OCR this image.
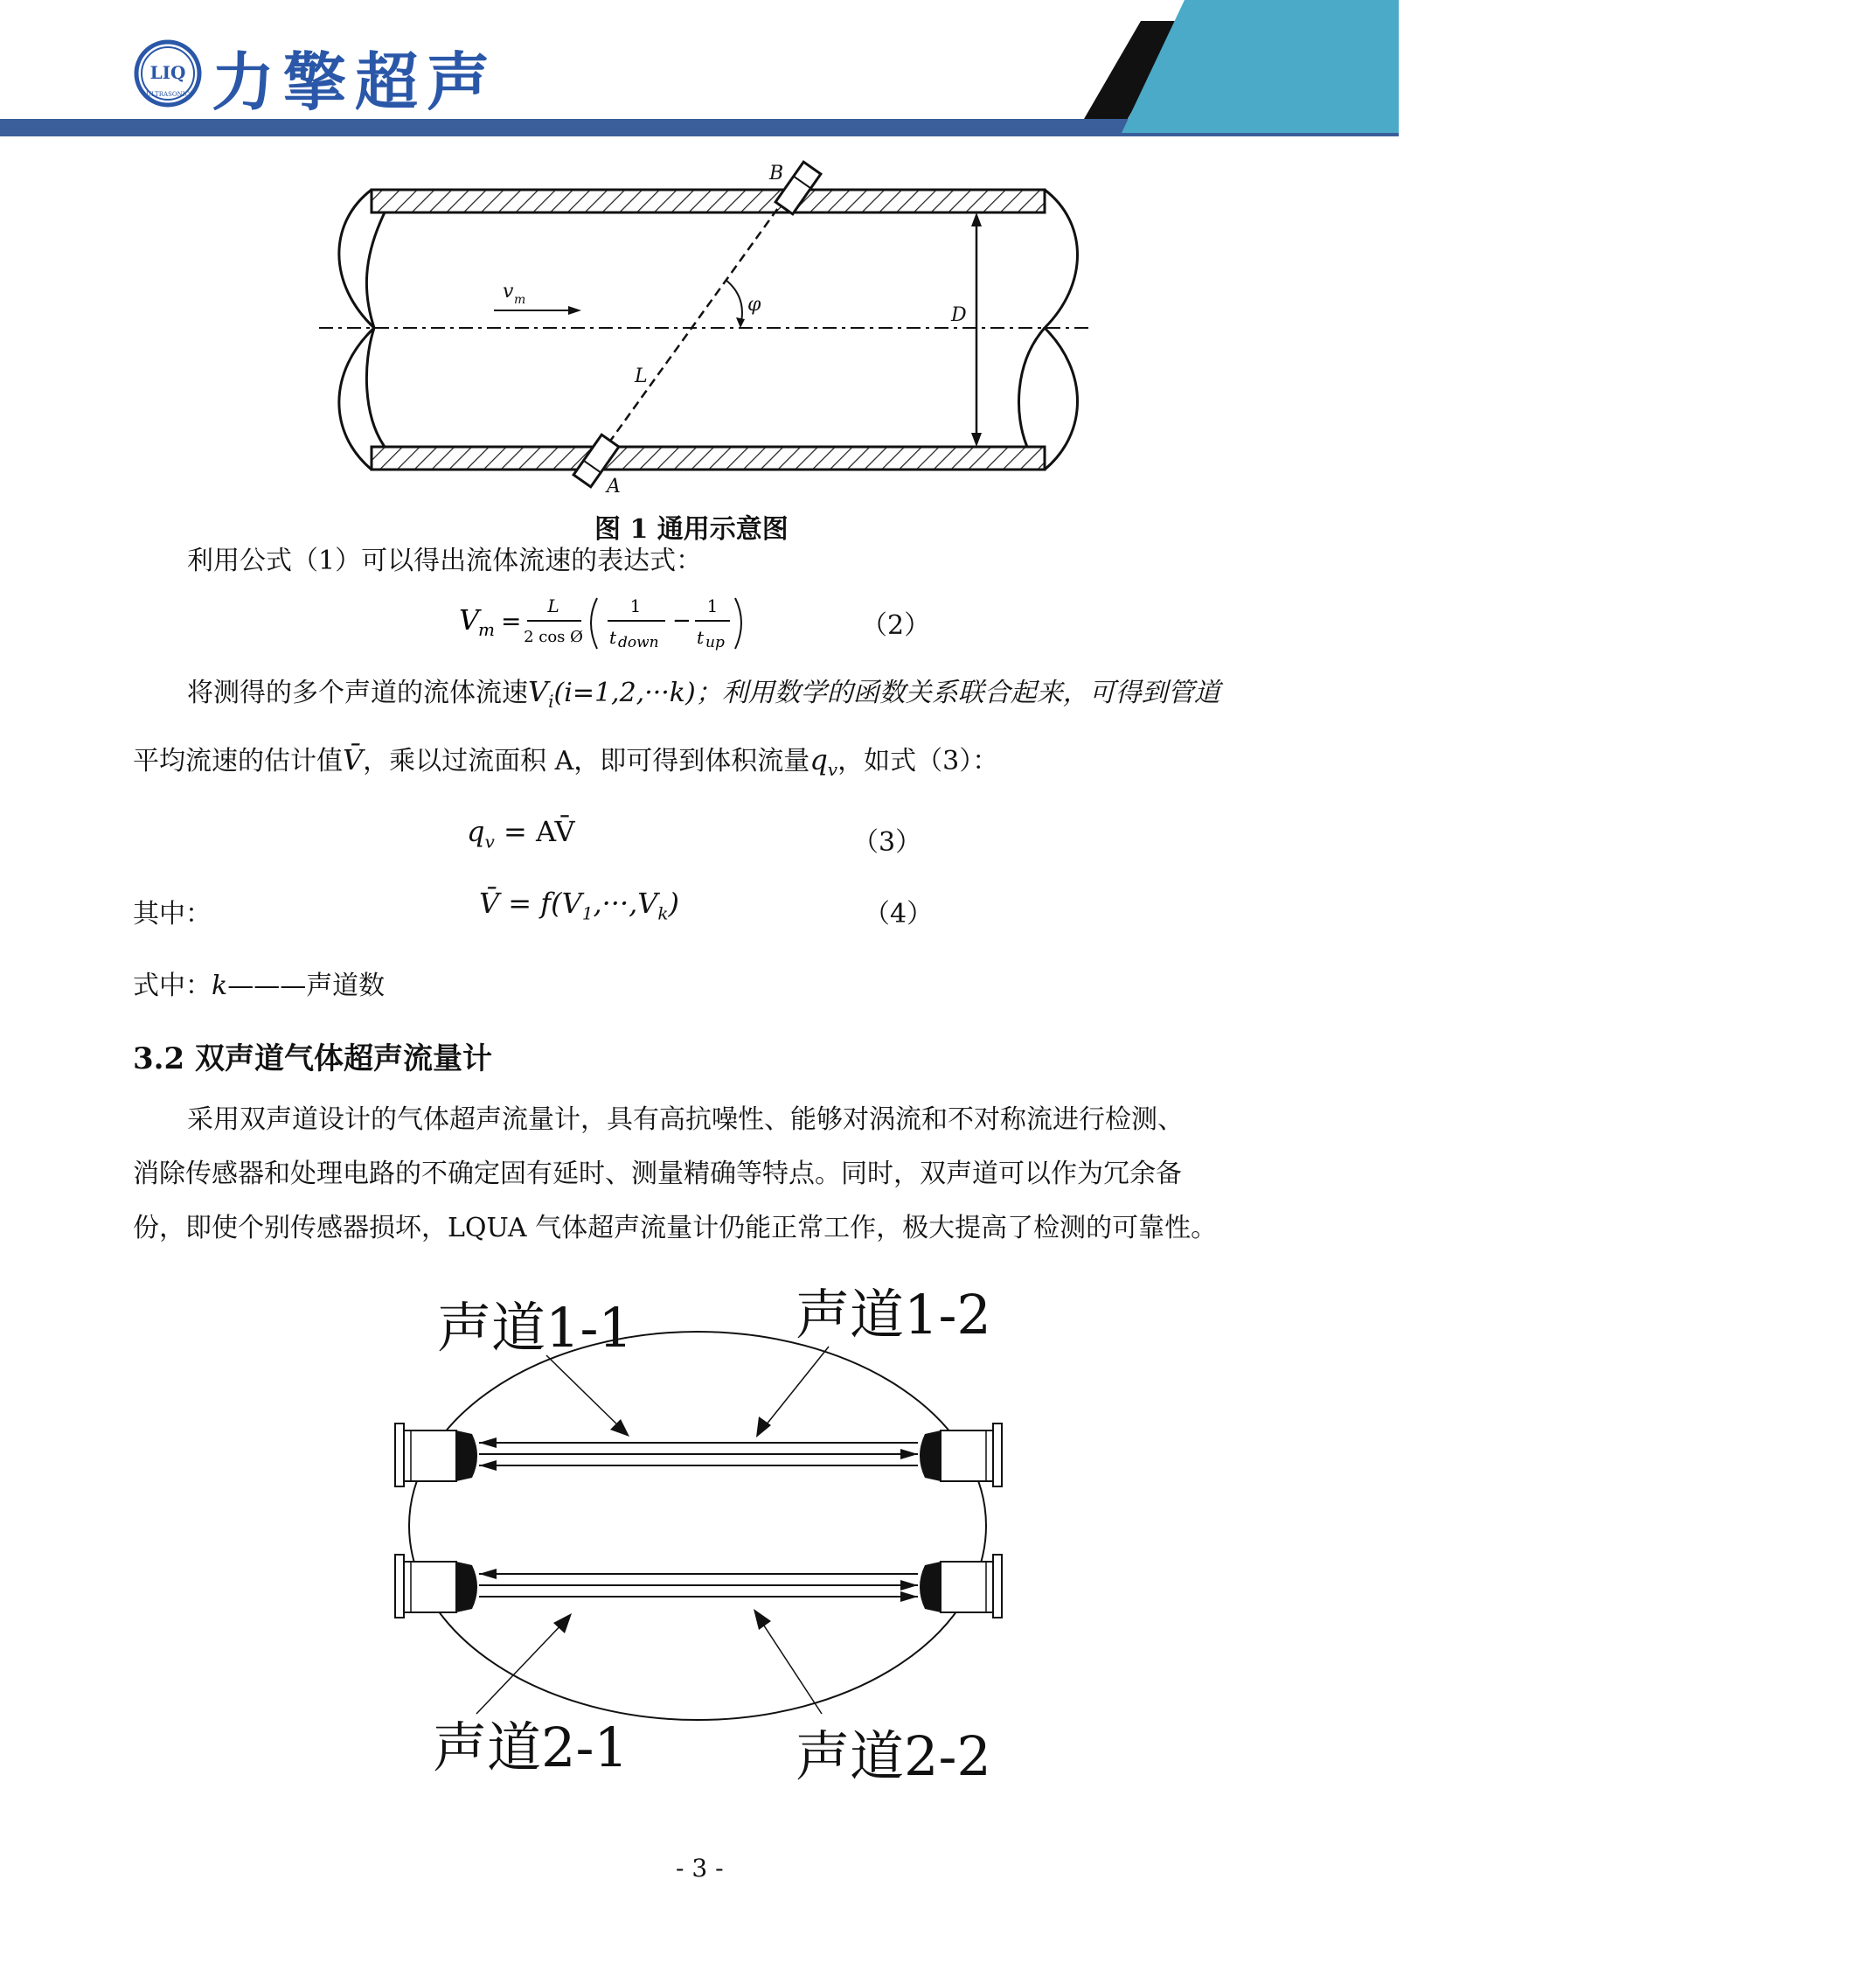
LIQ
ULTRASONIC 力擎超声
D
B
A
L
φ
v m
图 1 通用示意图
利用公式（1）可以得出流体流速的表达式：
V
m =
L
2 cos Ø
1
t down
−
1
t up
（2）
将测得的多个声道的流体流速$V_i(i=1,2,\cdot\cdot\cdot k)$；利用数学的函数关系联合起来，可得到管道
平均流速的估计值V̄，乘以过流面积 A，即可得到体积流量$q_v$，如式（3）：
$q_v$ = AV̄	（3）
其中：	V̄ = $f(V_1,\cdot\cdot\cdot,V_k)$	（4）
式中：k———声道数
3.2 双声道气体超声流量计
采用双声道设计的气体超声流量计，具有高抗噪性、能够对涡流和不对称流进行检测、
消除传感器和处理电路的不确定固有延时、测量精确等特点。同时，双声道可以作为冗余备
份，即使个别传感器损坏，LQUA 气体超声流量计仍能正常工作，极大提高了检测的可靠性。
声道1-1	声道1-2
声道2-1	声道2-2
- 3 -
